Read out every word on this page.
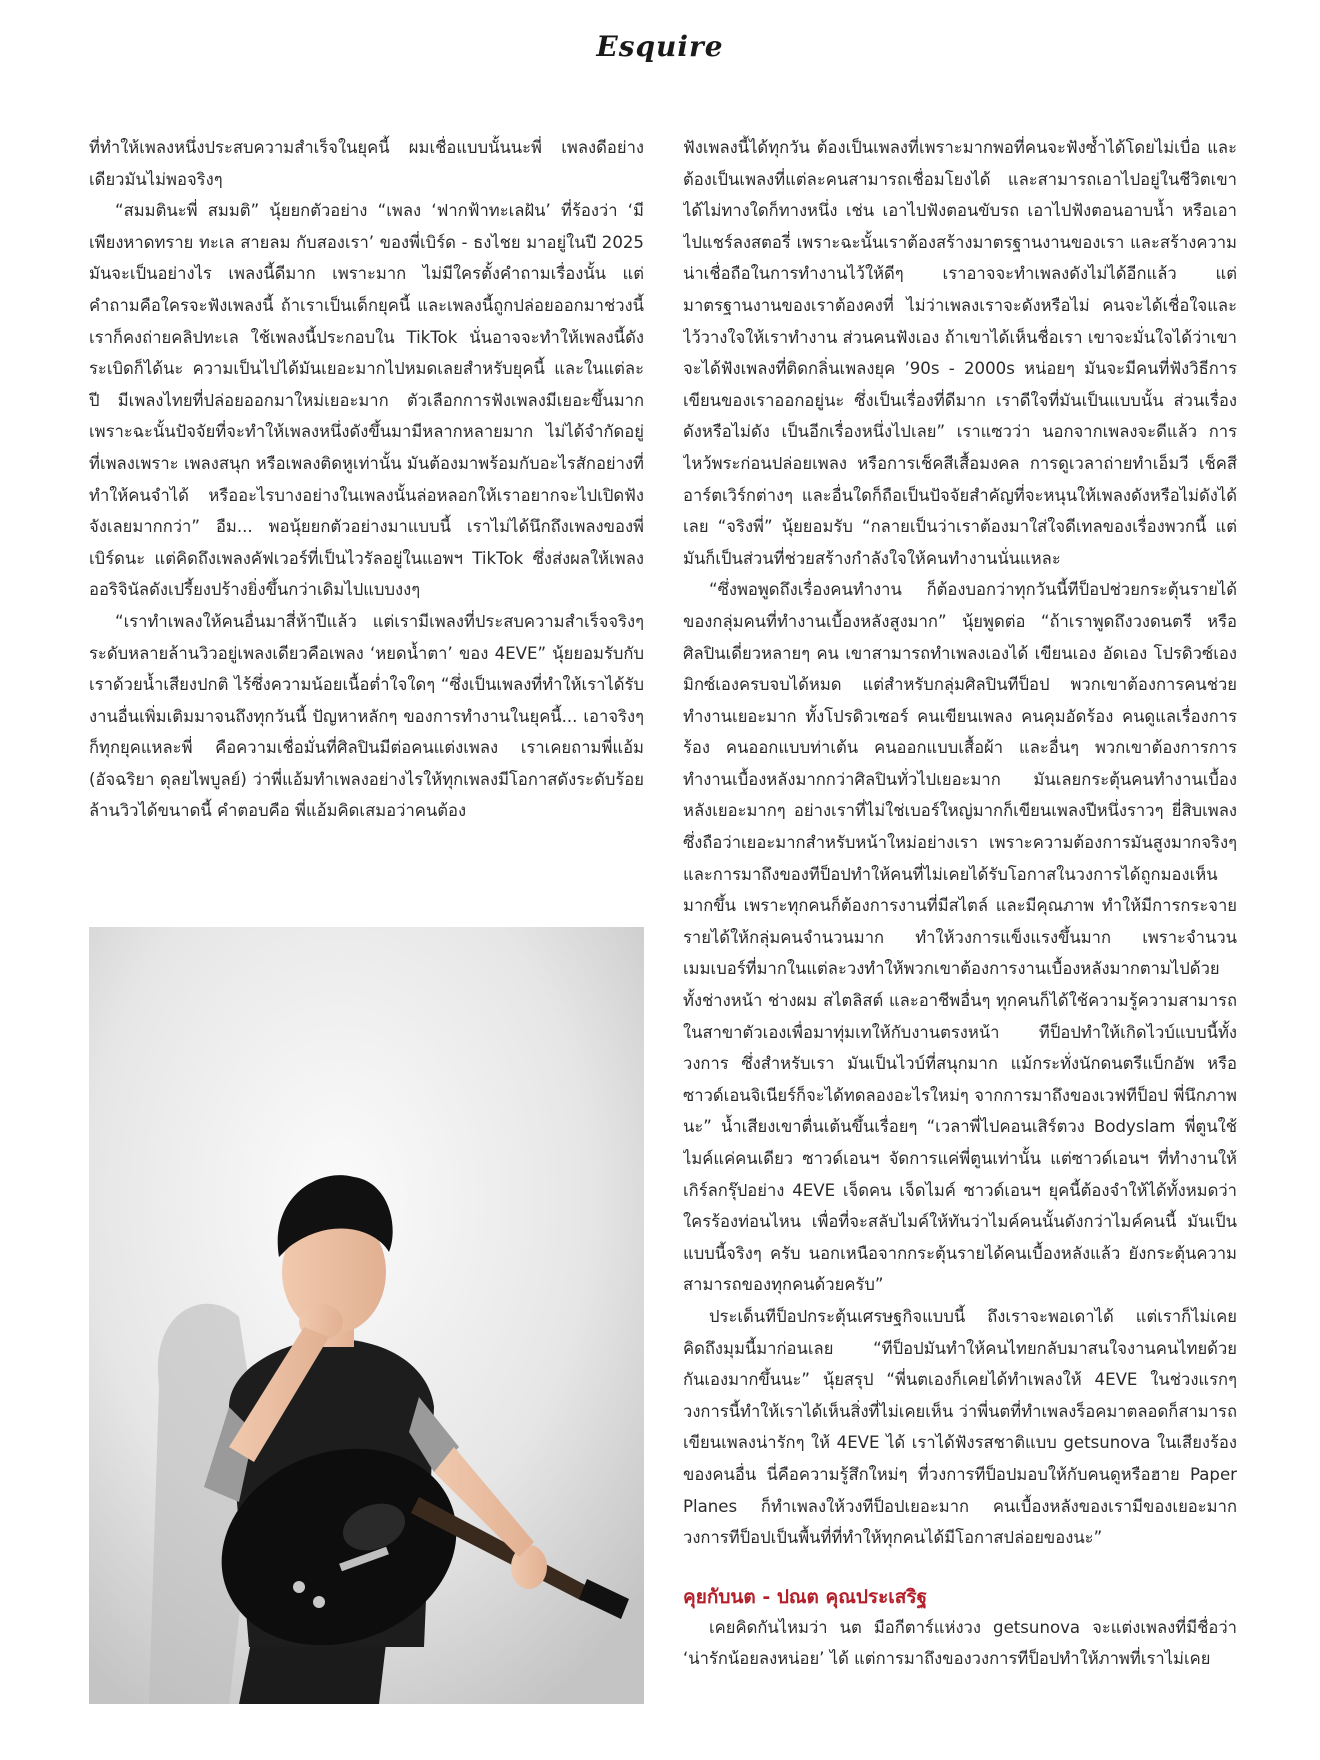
Esquire

ที่ทำให้เพลงหนึ่งประสบความสำเร็จในยุคนี้ ผมเชื่อแบบนั้นนะพี่ เพลงดีอย่างเดียวมันไม่พอจริงๆ

“สมมตินะพี่ สมมติ” นุ้ยยกตัวอย่าง “เพลง ‘ฟากฟ้าทะเลฝัน’ ที่ร้องว่า ‘มีเพียงหาดทราย ทะเล สายลม กับสองเรา’ ของพี่เบิร์ด - ธงไชย มาอยู่ในปี 2025 มันจะเป็นอย่างไร เพลงนี้ดีมาก เพราะมาก ไม่มีใครตั้งคำถามเรื่องนั้น แต่คำถามคือใครจะฟังเพลงนี้ ถ้าเราเป็นเด็กยุคนี้ และเพลงนี้ถูกปล่อยออกมาช่วงนี้ เราก็คงถ่ายคลิปทะเล ใช้เพลงนี้ประกอบใน TikTok นั่นอาจจะทำให้เพลงนี้ดังระเบิดก็ได้นะ ความเป็นไปได้มันเยอะมากไปหมดเลยสำหรับยุคนี้ และในแต่ละปี มีเพลงไทยที่ปล่อยออกมาใหม่เยอะมาก ตัวเลือกการฟังเพลงมีเยอะขึ้นมาก เพราะฉะนั้นปัจจัยที่จะทำให้เพลงหนึ่งดังขึ้นมามีหลากหลายมาก ไม่ได้จำกัดอยู่ที่เพลงเพราะ เพลงสนุก หรือเพลงติดหูเท่านั้น มันต้องมาพร้อมกับอะไรสักอย่างที่ทำให้คนจำได้ หรืออะไรบางอย่างในเพลงนั้นล่อหลอกให้เราอยากจะไปเปิดฟังจังเลยมากกว่า” อืม... พอนุ้ยยกตัวอย่างมาแบบนี้ เราไม่ได้นึกถึงเพลงของพี่เบิร์ดนะ แต่คิดถึงเพลงคัฟเวอร์ที่เป็นไวรัลอยู่ในแอพฯ TikTok ซึ่งส่งผลให้เพลงออริจินัลดังเปรี้ยงปร้างยิ่งขึ้นกว่าเดิมไปแบบงงๆ

“เราทำเพลงให้คนอื่นมาสี่ห้าปีแล้ว แต่เรามีเพลงที่ประสบความสำเร็จจริงๆ ระดับหลายล้านวิวอยู่เพลงเดียวคือเพลง ‘หยดน้ำตา’ ของ 4EVE” นุ้ยยอมรับกับเราด้วยน้ำเสียงปกติ ไร้ซึ่งความน้อยเนื้อต่ำใจใดๆ “ซึ่งเป็นเพลงที่ทำให้เราได้รับงานอื่นเพิ่มเติมมาจนถึงทุกวันนี้ ปัญหาหลักๆ ของการทำงานในยุคนี้... เอาจริงๆ ก็ทุกยุคแหละพี่ คือความเชื่อมั่นที่ศิลปินมีต่อคนแต่งเพลง เราเคยถามพี่แอ้ม (อัจฉริยา ดุลยไพบูลย์) ว่าพี่แอ้มทำเพลงอย่างไรให้ทุกเพลงมีโอกาสดังระดับร้อยล้านวิวได้ขนาดนี้ คำตอบคือ พี่แอ้มคิดเสมอว่าคนต้อง

ฟังเพลงนี้ได้ทุกวัน ต้องเป็นเพลงที่เพราะมากพอที่คนจะฟังซ้ำได้โดยไม่เบื่อ และต้องเป็นเพลงที่แต่ละคนสามารถเชื่อมโยงได้ และสามารถเอาไปอยู่ในชีวิตเขาได้ไม่ทางใดก็ทางหนึ่ง เช่น เอาไปฟังตอนขับรถ เอาไปฟังตอนอาบน้ำ หรือเอาไปแชร์ลงสตอรี่ เพราะฉะนั้นเราต้องสร้างมาตรฐานงานของเรา และสร้างความน่าเชื่อถือในการทำงานไว้ให้ดีๆ เราอาจจะทำเพลงดังไม่ได้อีกแล้ว แต่มาตรฐานงานของเราต้องคงที่ ไม่ว่าเพลงเราจะดังหรือไม่ คนจะได้เชื่อใจและไว้วางใจให้เราทำงาน ส่วนคนฟังเอง ถ้าเขาได้เห็นชื่อเรา เขาจะมั่นใจได้ว่าเขาจะได้ฟังเพลงที่ติดกลิ่นเพลงยุค ’90s - 2000s หน่อยๆ มันจะมีคนที่ฟังวิธีการเขียนของเราออกอยู่นะ ซึ่งเป็นเรื่องที่ดีมาก เราดีใจที่มันเป็นแบบนั้น ส่วนเรื่องดังหรือไม่ดัง เป็นอีกเรื่องหนึ่งไปเลย” เราแซวว่า นอกจากเพลงจะดีแล้ว การไหว้พระก่อนปล่อยเพลง หรือการเช็คสีเสื้อมงคล การดูเวลาถ่ายทำเอ็มวี เช็คสีอาร์ตเวิร์กต่างๆ และอื่นใดก็ถือเป็นปัจจัยสำคัญที่จะหนุนให้เพลงดังหรือไม่ดังได้เลย “จริงพี่” นุ้ยยอมรับ “กลายเป็นว่าเราต้องมาใส่ใจดีเทลของเรื่องพวกนี้ แต่มันก็เป็นส่วนที่ช่วยสร้างกำลังใจให้คนทำงานนั่นแหละ

“ซึ่งพอพูดถึงเรื่องคนทำงาน ก็ต้องบอกว่าทุกวันนี้ทีป็อปช่วยกระตุ้นรายได้ของกลุ่มคนที่ทำงานเบื้องหลังสูงมาก” นุ้ยพูดต่อ “ถ้าเราพูดถึงวงดนตรี หรือศิลปินเดี่ยวหลายๆ คน เขาสามารถทำเพลงเองได้ เขียนเอง อัดเอง โปรดิวซ์เอง มิกซ์เองครบจบได้หมด แต่สำหรับกลุ่มศิลปินทีป็อป พวกเขาต้องการคนช่วยทำงานเยอะมาก ทั้งโปรดิวเซอร์ คนเขียนเพลง คนคุมอัดร้อง คนดูแลเรื่องการร้อง คนออกแบบท่าเต้น คนออกแบบเสื้อผ้า และอื่นๆ พวกเขาต้องการการทำงานเบื้องหลังมากกว่าศิลปินทั่วไปเยอะมาก มันเลยกระตุ้นคนทำงานเบื้องหลังเยอะมากๆ อย่างเราที่ไม่ใช่เบอร์ใหญ่มากก็เขียนเพลงปีหนึ่งราวๆ ยี่สิบเพลง ซึ่งถือว่าเยอะมากสำหรับหน้าใหม่อย่างเรา เพราะความต้องการมันสูงมากจริงๆ และการมาถึงของทีป็อปทำให้คนที่ไม่เคยได้รับโอกาสในวงการได้ถูกมองเห็นมากขึ้น เพราะทุกคนก็ต้องการงานที่มีสไตล์ และมีคุณภาพ ทำให้มีการกระจายรายได้ให้กลุ่มคนจำนวนมาก ทำให้วงการแข็งแรงขึ้นมาก เพราะจำนวนเมมเบอร์ที่มากในแต่ละวงทำให้พวกเขาต้องการงานเบื้องหลังมากตามไปด้วย ทั้งช่างหน้า ช่างผม สไตลิสต์ และอาชีพอื่นๆ ทุกคนก็ได้ใช้ความรู้ความสามารถในสาขาตัวเองเพื่อมาทุ่มเทให้กับงานตรงหน้า ทีป็อปทำให้เกิดไวบ์แบบนี้ทั้งวงการ ซึ่งสำหรับเรา มันเป็นไวบ์ที่สนุกมาก แม้กระทั่งนักดนตรีแบ็กอัพ หรือซาวด์เอนจิเนียร์ก็จะได้ทดลองอะไรใหม่ๆ จากการมาถึงของเวฟทีป็อป พี่นึกภาพนะ” น้ำเสียงเขาตื่นเต้นขึ้นเรื่อยๆ “เวลาพี่ไปคอนเสิร์ตวง Bodyslam พี่ตูนใช้ไมค์แค่คนเดียว ซาวด์เอนฯ จัดการแค่พี่ตูนเท่านั้น แต่ซาวด์เอนฯ ที่ทำงานให้เกิร์ลกรุ๊ปอย่าง 4EVE เจ็ดคน เจ็ดไมค์ ซาวด์เอนฯ ยุคนี้ต้องจำให้ได้ทั้งหมดว่าใครร้องท่อนไหน เพื่อที่จะสลับไมค์ให้ทันว่าไมค์คนนั้นดังกว่าไมค์คนนี้ มันเป็นแบบนี้จริงๆ ครับ นอกเหนือจากกระตุ้นรายได้คนเบื้องหลังแล้ว ยังกระตุ้นความสามารถของทุกคนด้วยครับ”

ประเด็นทีป็อปกระตุ้นเศรษฐกิจแบบนี้ ถึงเราจะพอเดาได้ แต่เราก็ไม่เคยคิดถึงมุมนี้มาก่อนเลย “ทีป็อปมันทำให้คนไทยกลับมาสนใจงานคนไทยด้วยกันเองมากขึ้นนะ” นุ้ยสรุป “พี่นตเองก็เคยได้ทำเพลงให้ 4EVE ในช่วงแรกๆ วงการนี้ทำให้เราได้เห็นสิ่งที่ไม่เคยเห็น ว่าพี่นตที่ทำเพลงร็อคมาตลอดก็สามารถเขียนเพลงน่ารักๆ ให้ 4EVE ได้ เราได้ฟังรสชาติแบบ getsunova ในเสียงร้องของคนอื่น นี่คือความรู้สึกใหม่ๆ ที่วงการทีป็อปมอบให้กับคนดูหรือฮาย Paper Planes ก็ทำเพลงให้วงทีป็อปเยอะมาก คนเบื้องหลังของเรามีของเยอะมาก วงการทีป็อปเป็นพื้นที่ที่ทำให้ทุกคนได้มีโอกาสปล่อยของนะ”

คุยกับนต - ปณต คุณประเสริฐ

เคยคิดกันไหมว่า นต มือกีตาร์แห่งวง getsunova จะแต่งเพลงที่มีชื่อว่า ‘น่ารักน้อยลงหน่อย’ ได้ แต่การมาถึงของวงการทีป็อปทำให้ภาพที่เราไม่เคย
